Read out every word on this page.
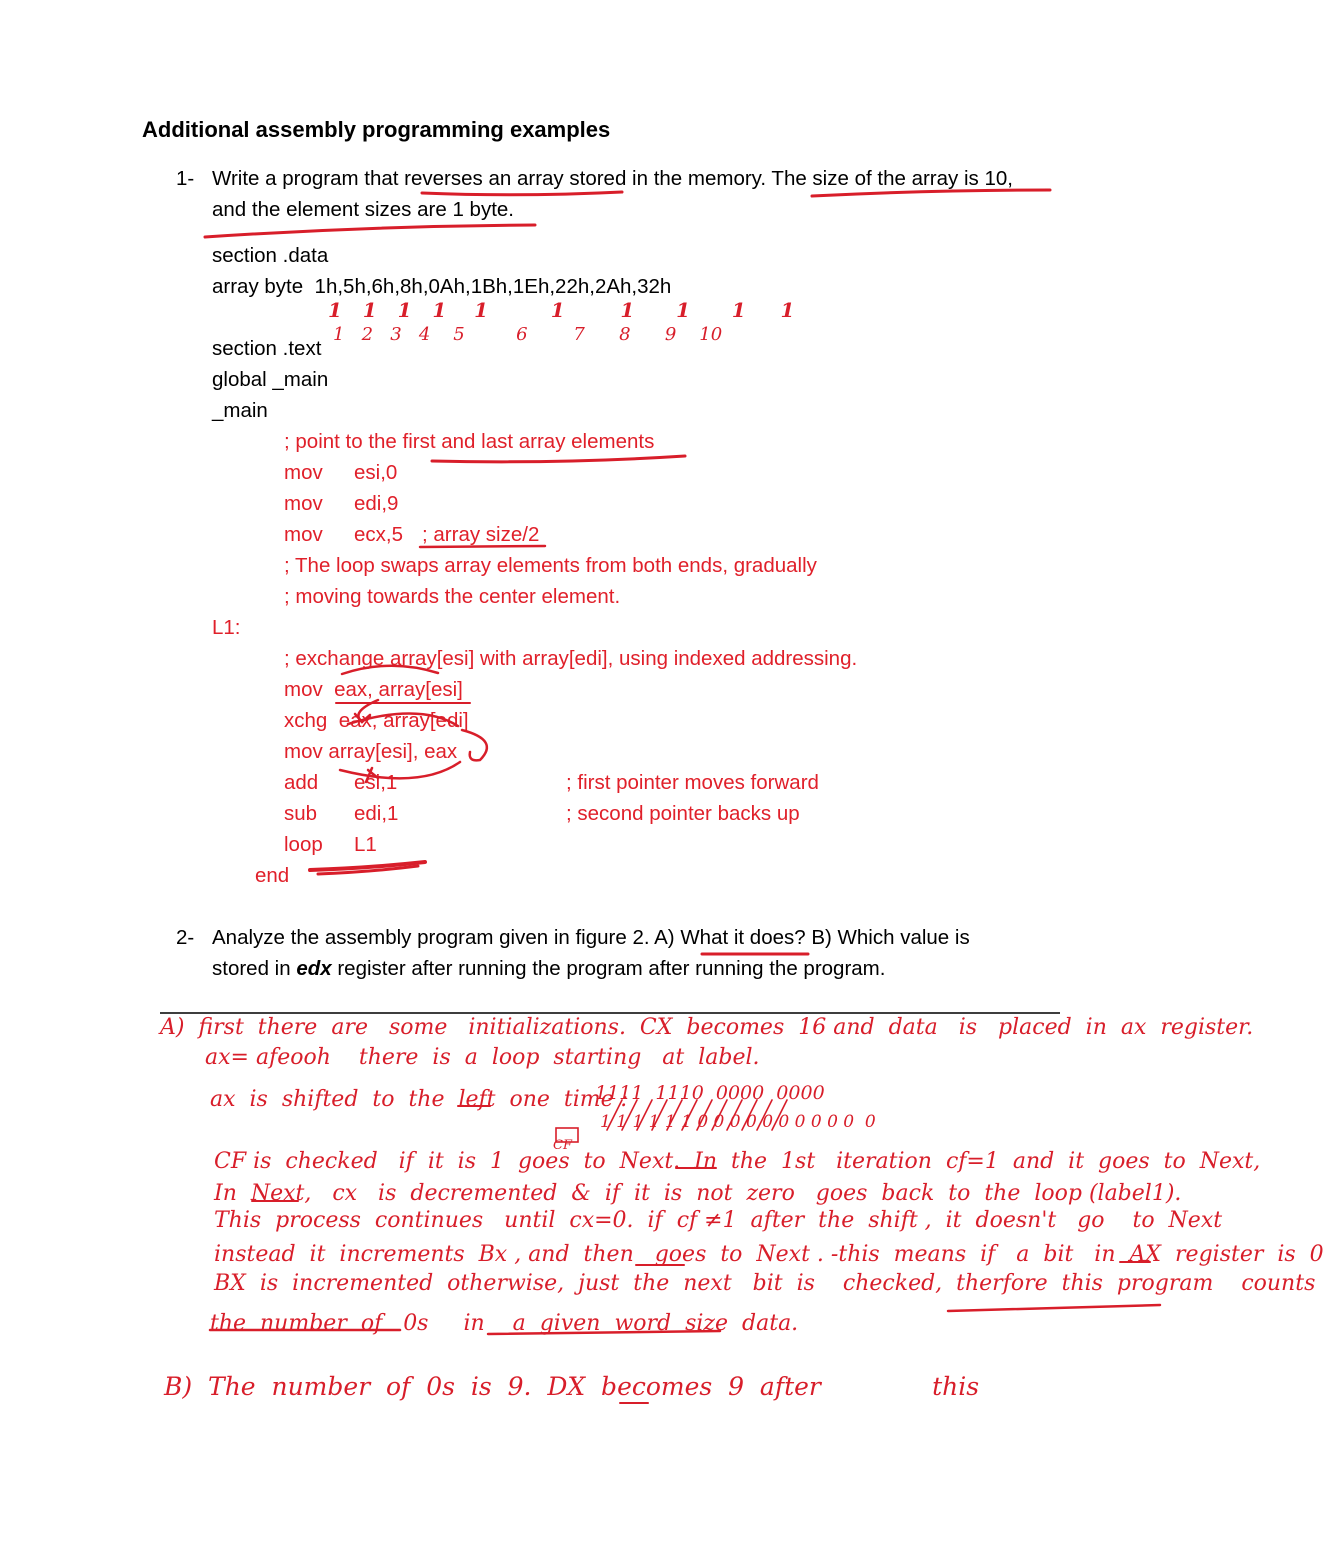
Additional assembly programming examples
1- Write a program that reverses an array stored in the memory. The size of the array is 10,
and the element sizes are 1 byte.
section .data
array byte  1h,5h,6h,8h,0Ah,1Bh,1Eh,22h,2Ah,32h
section .text
global _main
_main
; point to the first and last array elements
mov esi,0
mov edi,9
mov ecx,5 ; array size/2
; The loop swaps array elements from both ends, gradually
; moving towards the center element.
L1:
; exchange array[esi] with array[edi], using indexed addressing.
mov  eax, array[esi]
xchg  eax, array[edi]
mov array[esi], eax
add esi,1	; first pointer moves forward
sub edi,1	; second pointer backs up
loop L1
end
2- Analyze the assembly program given in figure 2. A) What it does? B) Which value is
stored in edx register after running the program after running the program.
1   1   1   1    1         1        1      1      1     1
1   2   3   4    5         6        7      8      9    10
A)  first  there  are   some   initializations.  CX  becomes  16 and  data   is   placed  in  ax  register.
ax= afeooh    there  is  a  loop  starting   at  label.
ax  is  shifted  to  the  left  one  time :
1111  1110  0000  0000
1 1 1 1 1 1 0 0 0 0 0 0 0 0 0 0  0
CF
CF is  checked   if  it  is  1  goes  to  Next.  In  the  1st   iteration  cf=1  and  it  goes  to  Next,
In  Next,   cx   is  decremented  &  if  it  is  not  zero   goes  back  to  the  loop (label1).
This  process  continues   until  cx=0.  if  cf ≠1  after  the  shift ,  it  doesn't   go    to  Next
instead  it  increments  Bx , and  then   goes  to  Next . -this  means  if   a  bit   in  AX  register  is  0
BX  is  incremented  otherwise,  just  the  next   bit  is    checked,  therfore  this  program    counts
the  number  of   0s     in    a  given  word  size  data.
B)  The  number  of  0s  is  9.  DX  becomes  9  after              this
